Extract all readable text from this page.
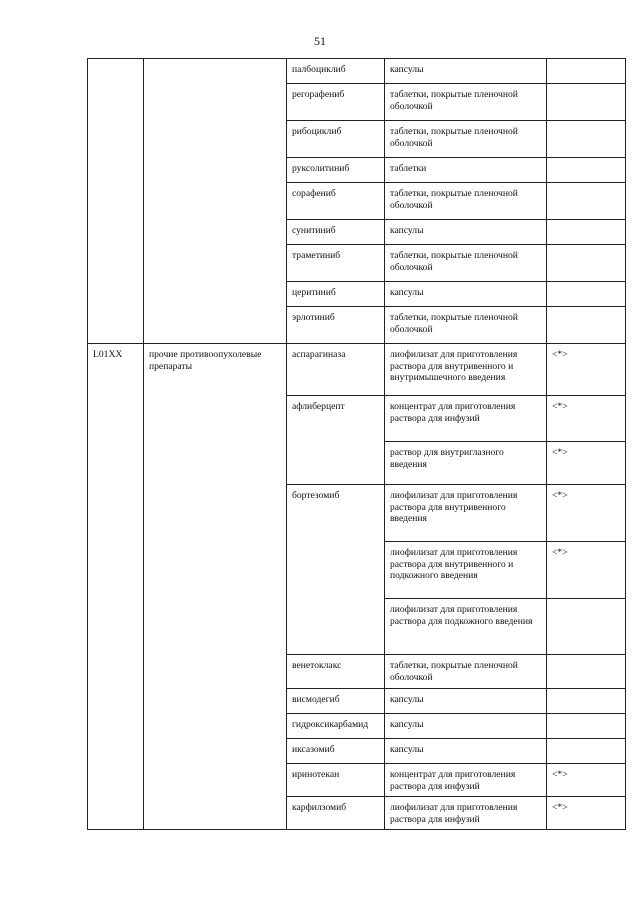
51
		палбоциклиб	капсулы	
		регорафениб	таблетки, покрытые пленочной оболочкой	
		рибоциклиб	таблетки, покрытые пленочной оболочкой	
		руксолитиниб	таблетки	
		сорафениб	таблетки, покрытые пленочной оболочкой	
		сунитиниб	капсулы	
		траметиниб	таблетки, покрытые пленочной оболочкой	
		церитиниб	капсулы	
		эрлотиниб	таблетки, покрытые пленочной оболочкой	
L01XX	прочие противоопухолевые препараты	аспарагиназа	лиофилизат для приготовления раствора для внутривенного и внутримышечного введения	<*>
		афлиберцепт	концентрат для приготовления раствора для инфузий	<*>
			раствор для внутриглазного введения	<*>
		бортезомиб	лиофилизат для приготовления раствора для внутривенного введения	<*>
			лиофилизат для приготовления раствора для внутривенного и подкожного введения	<*>
			лиофилизат для приготовления раствора для подкожного введения	
		венетоклакс	таблетки, покрытые пленочной оболочкой	
		висмодегиб	капсулы	
		гидроксикарбамид	капсулы	
		иксазомиб	капсулы	
		иринотекан	концентрат для приготовления раствора для инфузий	<*>
		карфилзомиб	лиофилизат для приготовления раствора для инфузий	<*>
